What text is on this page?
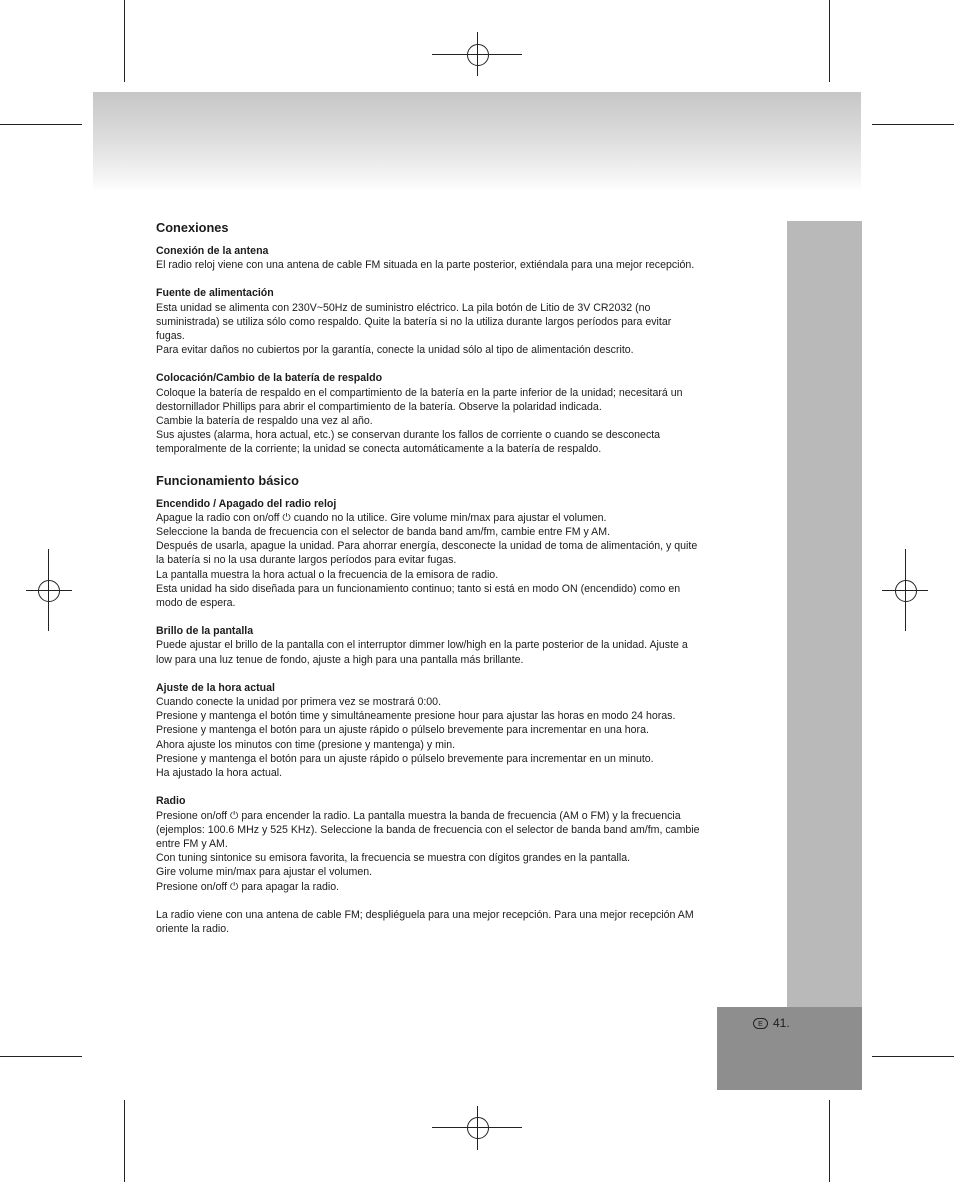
E 41.
Conexiones
Conexión de la antena

El radio reloj viene con una antena de cable FM situada en la parte posterior, extiéndala para una mejor recepción.

Fuente de alimentación

Esta unidad se alimenta con 230V~50Hz de suministro eléctrico. La pila botón de Litio de 3V CR2032 (no

suministrada) se utiliza sólo como respaldo. Quite la batería si no la utiliza durante largos períodos para evitar

fugas.

Para evitar daños no cubiertos por la garantía, conecte la unidad sólo al tipo de alimentación descrito.

Colocación/Cambio de la batería de respaldo

Coloque la batería de respaldo en el compartimiento de la batería en la parte inferior de la unidad; necesitará un

destornillador Phillips para abrir el compartimiento de la batería. Observe la polaridad indicada.

Cambie la batería de respaldo una vez al año.

Sus ajustes (alarma, hora actual, etc.) se conservan durante los fallos de corriente o cuando se desconecta

temporalmente de la corriente; la unidad se conecta automáticamente a la batería de respaldo.

Funcionamiento básico
Encendido / Apagado del radio reloj

Apague la radio con on/off ⏻ cuando no la utilice. Gire volume min/max para ajustar el volumen.

Seleccione la banda de frecuencia con el selector de banda band am/fm, cambie entre FM y AM.

Después de usarla, apague la unidad. Para ahorrar energía, desconecte la unidad de toma de alimentación, y quite

la batería si no la usa durante largos períodos para evitar fugas.

La pantalla muestra la hora actual o la frecuencia de la emisora de radio.

Esta unidad ha sido diseñada para un funcionamiento continuo; tanto si está en modo ON (encendido) como en

modo de espera.

Brillo de la pantalla

Puede ajustar el brillo de la pantalla con el interruptor dimmer low/high en la parte posterior de la unidad. Ajuste a

low para una luz tenue de fondo, ajuste a high para una pantalla más brillante.

Ajuste de la hora actual

Cuando conecte la unidad por primera vez se mostrará 0:00.

Presione y mantenga el botón time y simultáneamente presione hour para ajustar las horas en modo 24 horas.

Presione y mantenga el botón para un ajuste rápido o púlselo brevemente para incrementar en una hora.

Ahora ajuste los minutos con time (presione y mantenga) y min.

Presione y mantenga el botón para un ajuste rápido o púlselo brevemente para incrementar en un minuto.

Ha ajustado la hora actual.

Radio

Presione on/off ⏻ para encender la radio. La pantalla muestra la banda de frecuencia (AM o FM) y la frecuencia

(ejemplos: 100.6 MHz y 525 KHz). Seleccione la banda de frecuencia con el selector de banda band am/fm, cambie

entre FM y AM.

Con tuning sintonice su emisora favorita, la frecuencia se muestra con dígitos grandes en la pantalla.

Gire volume min/max para ajustar el volumen.

Presione on/off ⏻ para apagar la radio.

La radio viene con una antena de cable FM; despliéguela para una mejor recepción. Para una mejor recepción AM

oriente la radio.
